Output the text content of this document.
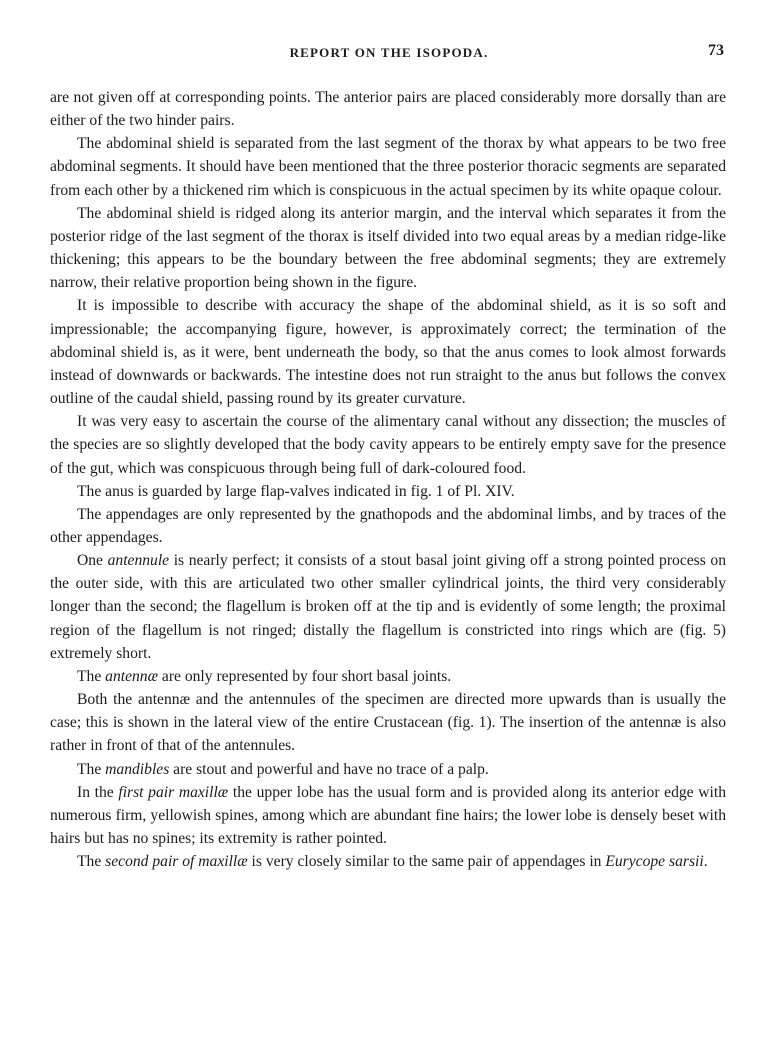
REPORT ON THE ISOPODA.	73

are not given off at corresponding points. The anterior pairs are placed considerably more dorsally than are either of the two hinder pairs.

The abdominal shield is separated from the last segment of the thorax by what appears to be two free abdominal segments. It should have been mentioned that the three posterior thoracic segments are separated from each other by a thickened rim which is conspicuous in the actual specimen by its white opaque colour.

The abdominal shield is ridged along its anterior margin, and the interval which separates it from the posterior ridge of the last segment of the thorax is itself divided into two equal areas by a median ridge-like thickening; this appears to be the boundary between the free abdominal segments; they are extremely narrow, their relative proportion being shown in the figure.

It is impossible to describe with accuracy the shape of the abdominal shield, as it is so soft and impressionable; the accompanying figure, however, is approximately correct; the termination of the abdominal shield is, as it were, bent underneath the body, so that the anus comes to look almost forwards instead of downwards or backwards. The intestine does not run straight to the anus but follows the convex outline of the caudal shield, passing round by its greater curvature.

It was very easy to ascertain the course of the alimentary canal without any dissection; the muscles of the species are so slightly developed that the body cavity appears to be entirely empty save for the presence of the gut, which was conspicuous through being full of dark-coloured food.

The anus is guarded by large flap-valves indicated in fig. 1 of Pl. XIV.

The appendages are only represented by the gnathopods and the abdominal limbs, and by traces of the other appendages.

One antennule is nearly perfect; it consists of a stout basal joint giving off a strong pointed process on the outer side, with this are articulated two other smaller cylindrical joints, the third very considerably longer than the second; the flagellum is broken off at the tip and is evidently of some length; the proximal region of the flagellum is not ringed; distally the flagellum is constricted into rings which are (fig. 5) extremely short.

The antennæ are only represented by four short basal joints.

Both the antennæ and the antennules of the specimen are directed more upwards than is usually the case; this is shown in the lateral view of the entire Crustacean (fig. 1). The insertion of the antennæ is also rather in front of that of the antennules.

The mandibles are stout and powerful and have no trace of a palp.

In the first pair maxillæ the upper lobe has the usual form and is provided along its anterior edge with numerous firm, yellowish spines, among which are abundant fine hairs; the lower lobe is densely beset with hairs but has no spines; its extremity is rather pointed.

The second pair of maxillæ is very closely similar to the same pair of appendages in Eurycope sarsii.
